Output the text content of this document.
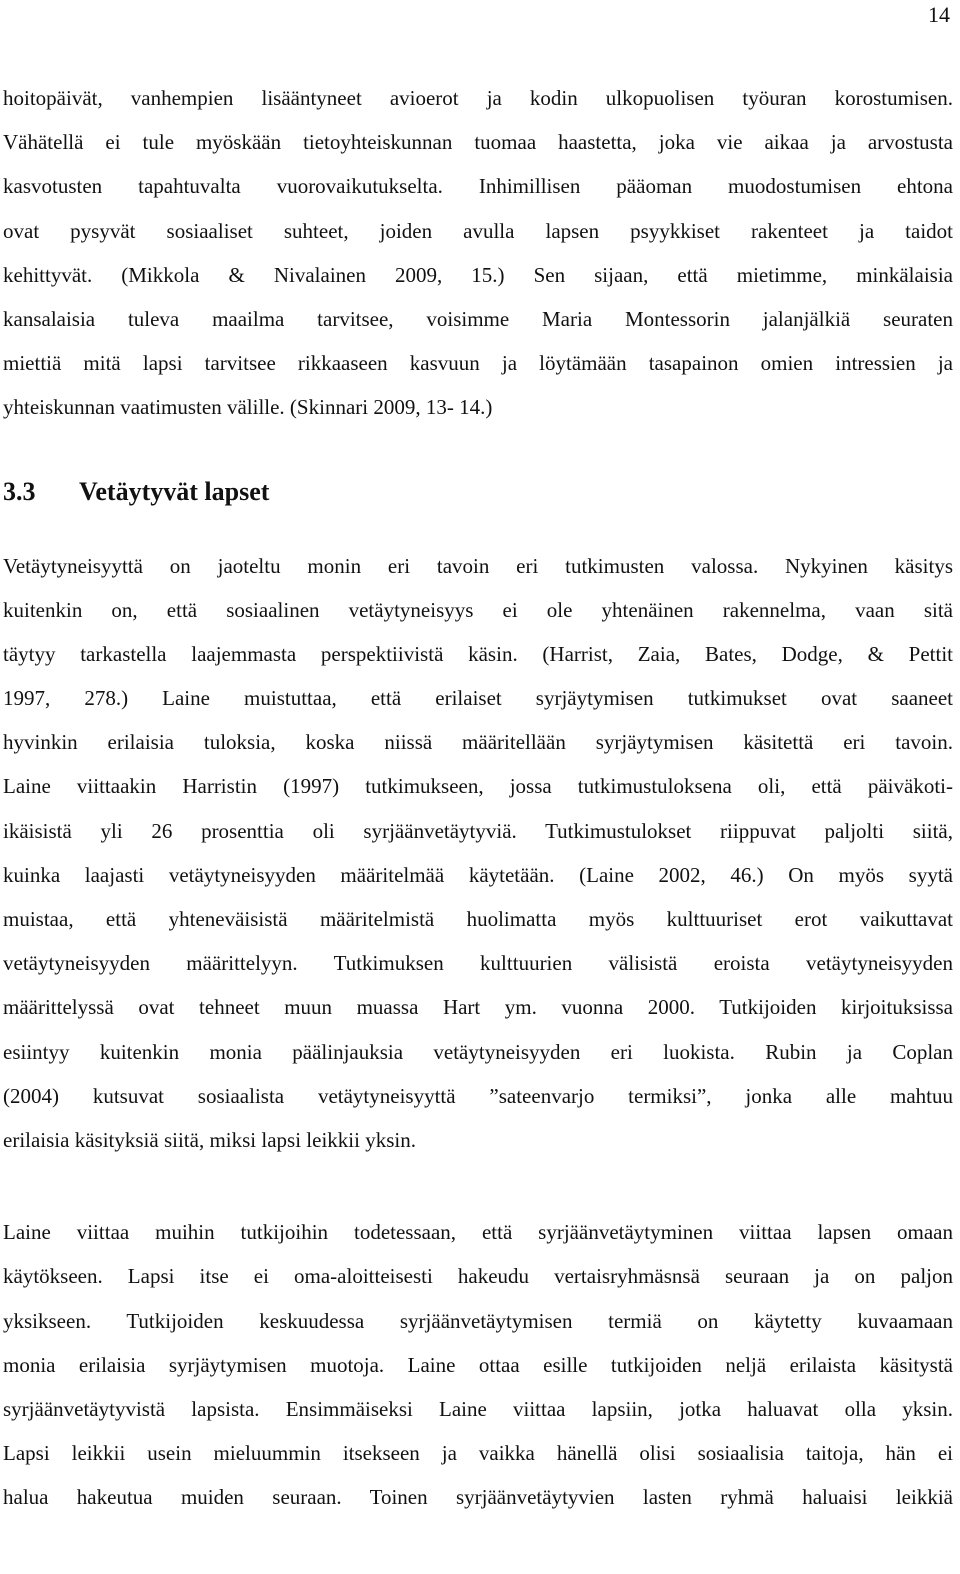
14
hoitopäivät, vanhempien lisääntyneet avioerot ja kodin ulkopuolisen työuran korostumisen.
Vähätellä ei tule myöskään tietoyhteiskunnan tuomaa haastetta, joka vie aikaa ja arvostusta
kasvotusten tapahtuvalta vuorovaikutukselta. Inhimillisen pääoman muodostumisen ehtona
ovat pysyvät sosiaaliset suhteet, joiden avulla lapsen psyykkiset rakenteet ja taidot
kehittyvät. (Mikkola & Nivalainen 2009, 15.) Sen sijaan, että mietimme, minkälaisia
kansalaisia tuleva maailma tarvitsee, voisimme Maria Montessorin jalanjälkiä seuraten
miettiä mitä lapsi tarvitsee rikkaaseen kasvuun ja löytämään tasapainon omien intressien ja
yhteiskunnan vaatimusten välille. (Skinnari 2009, 13- 14.)
3.3 Vetäytyvät lapset
Vetäytyneisyyttä on jaoteltu monin eri tavoin eri tutkimusten valossa. Nykyinen käsitys
kuitenkin on, että sosiaalinen vetäytyneisyys ei ole yhtenäinen rakennelma, vaan sitä
täytyy tarkastella laajemmasta perspektiivistä käsin. (Harrist, Zaia, Bates, Dodge, & Pettit
1997, 278.) Laine muistuttaa, että erilaiset syrjäytymisen tutkimukset ovat saaneet
hyvinkin erilaisia tuloksia, koska niissä määritellään syrjäytymisen käsitettä eri tavoin.
Laine viittaakin Harristin (1997) tutkimukseen, jossa tutkimustuloksena oli, että päiväkoti-
ikäisistä yli 26 prosenttia oli syrjäänvetäytyviä. Tutkimustulokset riippuvat paljolti siitä,
kuinka laajasti vetäytyneisyyden määritelmää käytetään. (Laine 2002, 46.) On myös syytä
muistaa, että yhteneväisistä määritelmistä huolimatta myös kulttuuriset erot vaikuttavat
vetäytyneisyyden määrittelyyn. Tutkimuksen kulttuurien välisistä eroista vetäytyneisyyden
määrittelyssä ovat tehneet muun muassa Hart ym. vuonna 2000. Tutkijoiden kirjoituksissa
esiintyy kuitenkin monia päälinjauksia vetäytyneisyyden eri luokista. Rubin ja Coplan
(2004) kutsuvat sosiaalista vetäytyneisyyttä ”sateenvarjo termiksi”, jonka alle mahtuu
erilaisia käsityksiä siitä, miksi lapsi leikkii yksin.
Laine viittaa muihin tutkijoihin todetessaan, että syrjäänvetäytyminen viittaa lapsen omaan
käytökseen. Lapsi itse ei oma-aloitteisesti hakeudu vertaisryhmäsnsä seuraan ja on paljon
yksikseen. Tutkijoiden keskuudessa syrjäänvetäytymisen termiä on käytetty kuvaamaan
monia erilaisia syrjäytymisen muotoja. Laine ottaa esille tutkijoiden neljä erilaista käsitystä
syrjäänvetäytyvistä lapsista. Ensimmäiseksi Laine viittaa lapsiin, jotka haluavat olla yksin.
Lapsi leikkii usein mieluummin itsekseen ja vaikka hänellä olisi sosiaalisia taitoja, hän ei
halua hakeutua muiden seuraan. Toinen syrjäänvetäytyvien lasten ryhmä haluaisi leikkiä
